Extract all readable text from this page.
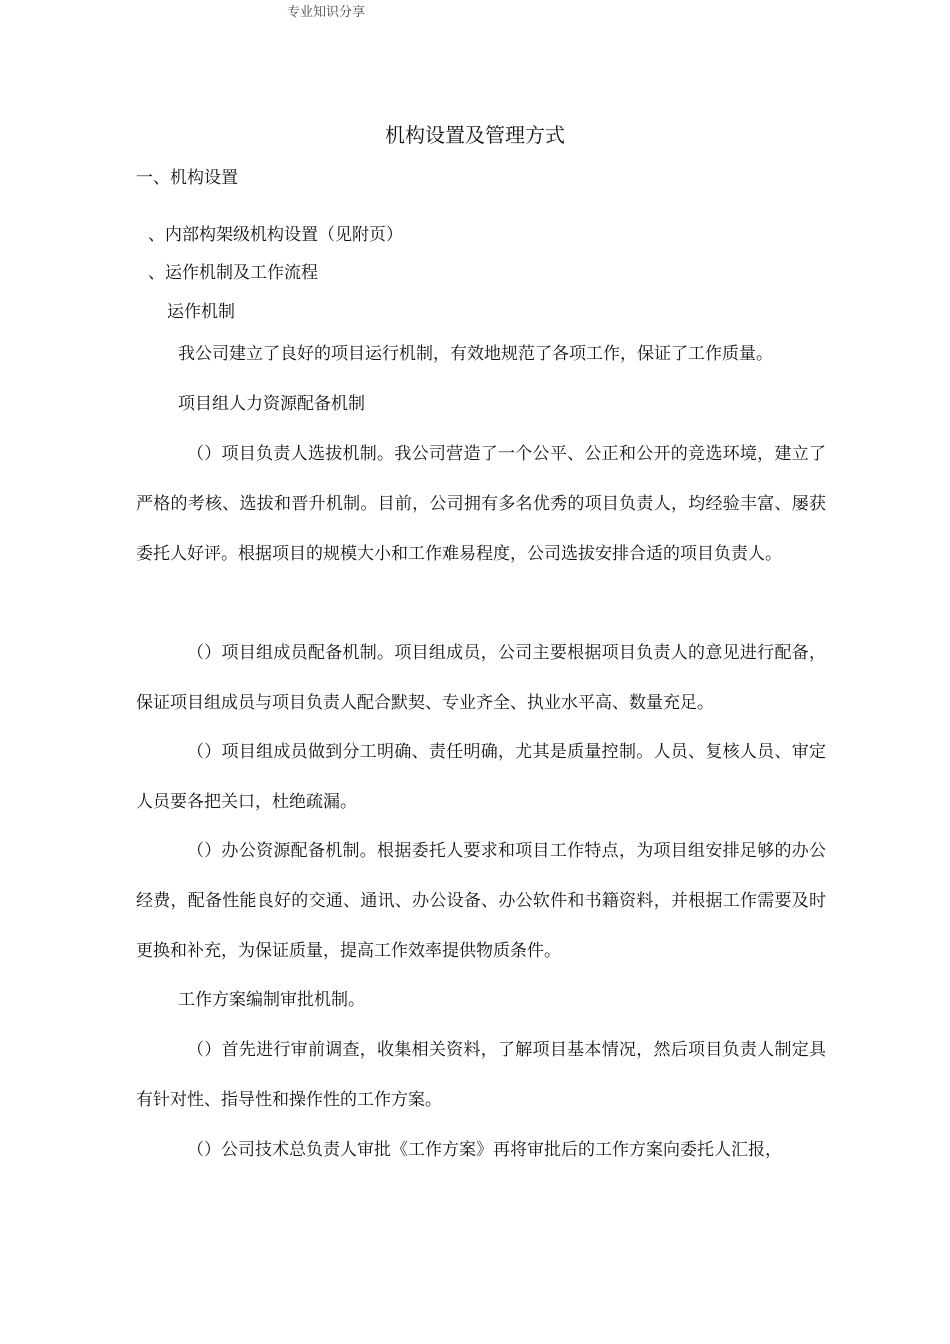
专业知识分享
机构设置及管理方式
一、机构设置
、内部构架级机构设置（见附页）
、运作机制及工作流程
运作机制
我公司建立了良好的项目运行机制，有效地规范了各项工作，保证了工作质量。
项目组人力资源配备机制

（）项目负责人选拔机制。我公司营造了一个公平、公正和公开的竞选环境，建立了严格的考核、选拔和晋升机制。目前，公司拥有多名优秀的项目负责人，均经验丰富、屡获委托人好评。根据项目的规模大小和工作难易程度，公司选拔安排合适的项目负责人。

（）项目组成员配备机制。项目组成员，公司主要根据项目负责人的意见进行配备，保证项目组成员与项目负责人配合默契、专业齐全、执业水平高、数量充足。

（）项目组成员做到分工明确、责任明确，尤其是质量控制。人员、复核人员、审定人员要各把关口，杜绝疏漏。

（）办公资源配备机制。根据委托人要求和项目工作特点，为项目组安排足够的办公经费，配备性能良好的交通、通讯、办公设备、办公软件和书籍资料，并根据工作需要及时更换和补充，为保证质量，提高工作效率提供物质条件。

工作方案编制审批机制。

（）首先进行审前调查，收集相关资料，了解项目基本情况，然后项目负责人制定具有针对性、指导性和操作性的工作方案。

（）公司技术总负责人审批《工作方案》再将审批后的工作方案向委托人汇报，
